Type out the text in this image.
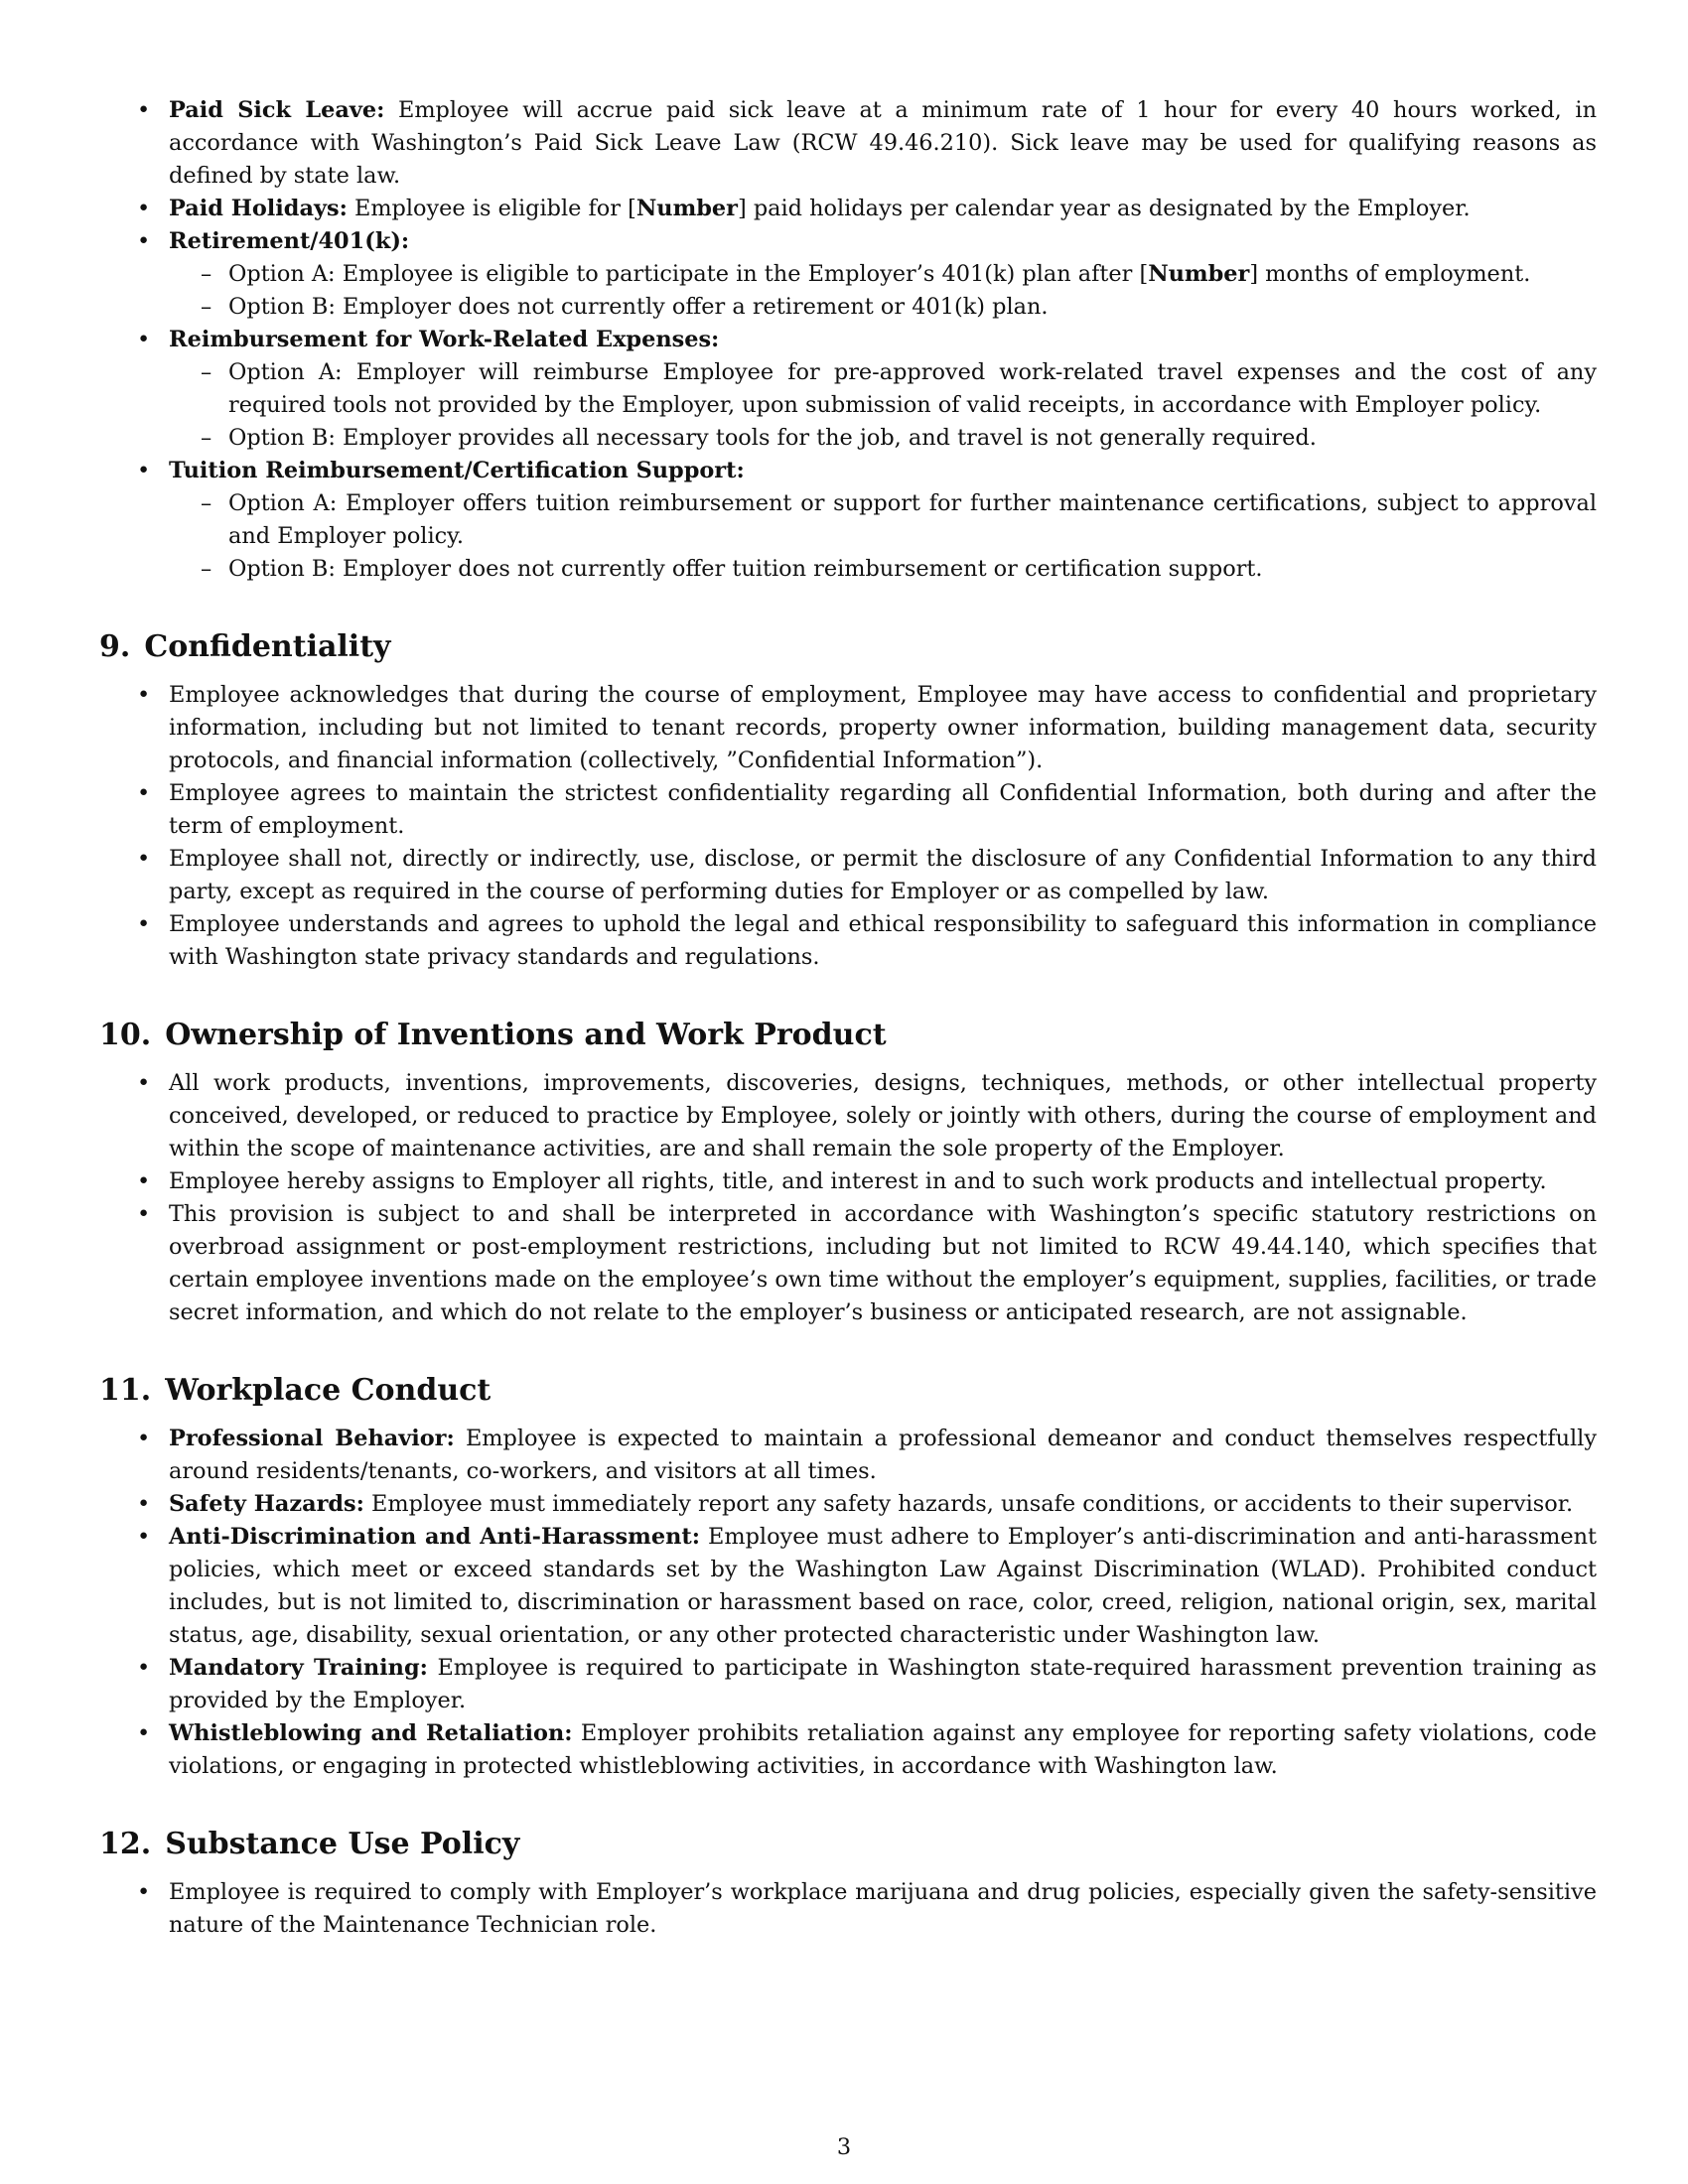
• Paid Sick Leave: Employee will accrue paid sick leave at a minimum rate of 1 hour for every 40 hours worked, in accordance with Washington’s Paid Sick Leave Law (RCW 49.46.210). Sick leave may be used for qualifying reasons as defined by state law.
• Paid Holidays: Employee is eligible for [Number] paid holidays per calendar year as designated by the Employer.
• Retirement/401(k):
– Option A: Employee is eligible to participate in the Employer’s 401(k) plan after [Number] months of employment.
– Option B: Employer does not currently offer a retirement or 401(k) plan.
• Reimbursement for Work-Related Expenses:
– Option A: Employer will reimburse Employee for pre-approved work-related travel expenses and the cost of any required tools not provided by the Employer, upon submission of valid receipts, in accordance with Employer policy.
– Option B: Employer provides all necessary tools for the job, and travel is not generally required.
• Tuition Reimbursement/Certification Support:
– Option A: Employer offers tuition reimbursement or support for further maintenance certifications, subject to approval and Employer policy.
– Option B: Employer does not currently offer tuition reimbursement or certification support.
9. Confidentiality
• Employee acknowledges that during the course of employment, Employee may have access to confidential and proprietary information, including but not limited to tenant records, property owner information, building management data, security protocols, and financial information (collectively, ”Confidential Information”).
• Employee agrees to maintain the strictest confidentiality regarding all Confidential Information, both during and after the term of employment.
• Employee shall not, directly or indirectly, use, disclose, or permit the disclosure of any Confidential Information to any third party, except as required in the course of performing duties for Employer or as compelled by law.
• Employee understands and agrees to uphold the legal and ethical responsibility to safeguard this information in compliance with Washington state privacy standards and regulations.
10. Ownership of Inventions and Work Product
• All work products, inventions, improvements, discoveries, designs, techniques, methods, or other intellectual property conceived, developed, or reduced to practice by Employee, solely or jointly with others, during the course of employment and within the scope of maintenance activities, are and shall remain the sole property of the Employer.
• Employee hereby assigns to Employer all rights, title, and interest in and to such work products and intellectual property.
• This provision is subject to and shall be interpreted in accordance with Washington’s specific statutory restrictions on overbroad assignment or post-employment restrictions, including but not limited to RCW 49.44.140, which specifies that certain employee inventions made on the employee’s own time without the employer’s equipment, supplies, facilities, or trade secret information, and which do not relate to the employer’s business or anticipated research, are not assignable.
11. Workplace Conduct
• Professional Behavior: Employee is expected to maintain a professional demeanor and conduct themselves respectfully around residents/tenants, co-workers, and visitors at all times.
• Safety Hazards: Employee must immediately report any safety hazards, unsafe conditions, or accidents to their supervisor.
• Anti-Discrimination and Anti-Harassment: Employee must adhere to Employer’s anti-discrimination and anti-harassment policies, which meet or exceed standards set by the Washington Law Against Discrimination (WLAD). Prohibited conduct includes, but is not limited to, discrimination or harassment based on race, color, creed, religion, national origin, sex, marital status, age, disability, sexual orientation, or any other protected characteristic under Washington law.
• Mandatory Training: Employee is required to participate in Washington state-required harassment prevention training as provided by the Employer.
• Whistleblowing and Retaliation: Employer prohibits retaliation against any employee for reporting safety violations, code violations, or engaging in protected whistleblowing activities, in accordance with Washington law.
12. Substance Use Policy
• Employee is required to comply with Employer’s workplace marijuana and drug policies, especially given the safety-sensitive nature of the Maintenance Technician role.
3
